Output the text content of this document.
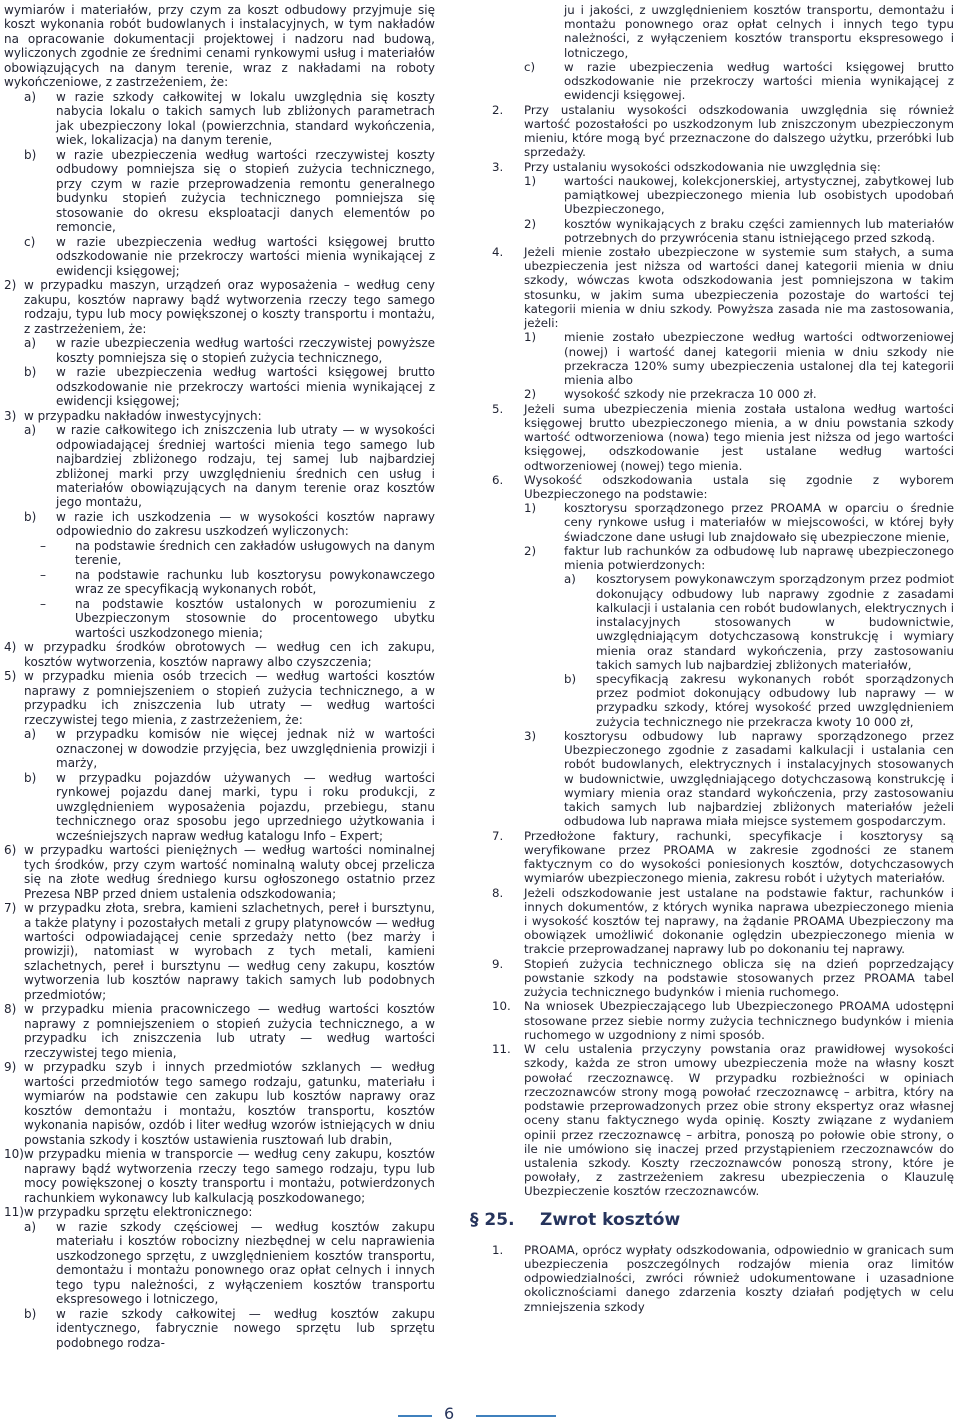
wymiarów i materiałów, przy czym za koszt odbudowy przyjmuje się koszt wykonania robót budowlanych i instalacyjnych, w tym nakładów na opracowanie dokumentacji projektowej i nadzoru nad budową, wyliczonych zgodnie ze średnimi cenami rynkowymi usług i materiałów obowiązujących na danym terenie, wraz z nakładami na roboty wykończeniowe, z zastrzeżeniem, że:
a) w razie szkody całkowitej w lokalu uwzględnia się koszty nabycia lokalu o takich samych lub zbliżonych parametrach jak ubezpieczony lokal (powierzchnia, standard wykończenia, wiek, lokalizacja) na danym terenie,
b) w razie ubezpieczenia według wartości rzeczywistej koszty odbudowy pomniejsza się o stopień zużycia technicznego, przy czym w razie przeprowadzenia remontu generalnego budynku stopień zużycia technicznego pomniejsza się stosowanie do okresu eksploatacji danych elementów po remoncie,
c) w razie ubezpieczenia według wartości księgowej brutto odszkodowanie nie przekroczy wartości mienia wynikającej z ewidencji księgowej;
2) w przypadku maszyn, urządzeń oraz wyposażenia – według ceny zakupu, kosztów naprawy bądź wytworzenia rzeczy tego samego rodzaju, typu lub mocy powiększonej o koszty transportu i montażu, z zastrzeżeniem, że:
a) w razie ubezpieczenia według wartości rzeczywistej powyższe koszty pomniejsza się o stopień zużycia technicznego,
b) w razie ubezpieczenia według wartości księgowej brutto odszkodowanie nie przekroczy wartości mienia wynikającej z ewidencji księgowej;
3) w przypadku nakładów inwestycyjnych:
a) w razie całkowitego ich zniszczenia lub utraty — w wysokości odpowiadającej średniej wartości mienia tego samego lub najbardziej zbliżonego rodzaju, tej samej lub najbardziej zbliżonej marki przy uwzględnieniu średnich cen usług i materiałów obowiązujących na danym terenie oraz kosztów jego montażu,
b) w razie ich uszkodzenia — w wysokości kosztów naprawy odpowiednio do zakresu uszkodzeń wyliczonych:
– na podstawie średnich cen zakładów usługowych na danym terenie,
– na podstawie rachunku lub kosztorysu powykonawczego wraz ze specyfikacją wykonanych robót,
– na podstawie kosztów ustalonych w porozumieniu z Ubezpieczonym stosownie do procentowego ubytku wartości uszkodzonego mienia;
4) w przypadku środków obrotowych — według cen ich zakupu, kosztów wytworzenia, kosztów naprawy albo czyszczenia;
5) w przypadku mienia osób trzecich — według wartości kosztów naprawy z pomniejszeniem o stopień zużycia technicznego, a w przypadku ich zniszczenia lub utraty — według wartości rzeczywistej tego mienia, z zastrzeżeniem, że:
a) w przypadku komisów nie więcej jednak niż w wartości oznaczonej w dowodzie przyjęcia, bez uwzględnienia prowizji i marży,
b) w przypadku pojazdów używanych — według wartości rynkowej pojazdu danej marki, typu i roku produkcji, z uwzględnieniem wyposażenia pojazdu, przebiegu, stanu technicznego oraz sposobu jego uprzedniego użytkowania i wcześniejszych napraw według katalogu Info – Expert;
6) w przypadku wartości pieniężnych — według wartości nominalnej tych środków, przy czym wartość nominalną waluty obcej przelicza się na złote według średniego kursu ogłoszonego ostatnio przez Prezesa NBP przed dniem ustalenia odszkodowania;
7) w przypadku złota, srebra, kamieni szlachetnych, pereł i bursztynu, a także platyny i pozostałych metali z grupy platynowców — według wartości odpowiadającej cenie sprzedaży netto (bez marży i prowizji), natomiast w wyrobach z tych metali, kamieni szlachetnych, pereł i bursztynu — według ceny zakupu, kosztów wytworzenia lub kosztów naprawy takich samych lub podobnych przedmiotów;
8) w przypadku mienia pracowniczego — według wartości kosztów naprawy z pomniejszeniem o stopień zużycia technicznego, a w przypadku ich zniszczenia lub utraty — według wartości rzeczywistej tego mienia,
9) w przypadku szyb i innych przedmiotów szklanych — według wartości przedmiotów tego samego rodzaju, gatunku, materiału i wymiarów na podstawie cen zakupu lub kosztów naprawy oraz kosztów demontażu i montażu, kosztów transportu, kosztów wykonania napisów, ozdób i liter według wzorów istniejących w dniu powstania szkody i kosztów ustawienia rusztowań lub drabin,
10) w przypadku mienia w transporcie — według ceny zakupu, kosztów naprawy bądź wytworzenia rzeczy tego samego rodzaju, typu lub mocy powiększonej o koszty transportu i montażu, potwierdzonych rachunkiem wykonawcy lub kalkulacją poszkodowanego;
11) w przypadku sprzętu elektronicznego:
a) w razie szkody częściowej — według kosztów zakupu materiału i kosztów robocizny niezbędnej w celu naprawienia uszkodzonego sprzętu, z uwzględnieniem kosztów transportu, demontażu i montażu ponownego oraz opłat celnych i innych tego typu należności, z wyłączeniem kosztów transportu ekspresowego i lotniczego,
b) w razie szkody całkowitej — według kosztów zakupu identycznego, fabrycznie nowego sprzętu lub sprzętu podobnego rodza-
ju i jakości, z uwzględnieniem kosztów transportu, demontażu i montażu ponownego oraz opłat celnych i innych tego typu należności, z wyłączeniem kosztów transportu ekspresowego i lotniczego,
c) w razie ubezpieczenia według wartości księgowej brutto odszkodowanie nie przekroczy wartości mienia wynikającej z ewidencji księgowej.
2. Przy ustalaniu wysokości odszkodowania uwzględnia się również wartość pozostałości po uszkodzonym lub zniszczonym ubezpieczonym mieniu, które mogą być przeznaczone do dalszego użytku, przeróbki lub sprzedaży.
3. Przy ustalaniu wysokości odszkodowania nie uwzględnia się:
1) wartości naukowej, kolekcjonerskiej, artystycznej, zabytkowej lub pamiątkowej ubezpieczonego mienia lub osobistych upodobań Ubezpieczonego,
2) kosztów wynikających z braku części zamiennych lub materiałów potrzebnych do przywrócenia stanu istniejącego przed szkodą.
4. Jeżeli mienie zostało ubezpieczone w systemie sum stałych, a suma ubezpieczenia jest niższa od wartości danej kategorii mienia w dniu szkody, wówczas kwota odszkodowania jest pomniejszona w takim stosunku, w jakim suma ubezpieczenia pozostaje do wartości tej kategorii mienia w dniu szkody. Powyższa zasada nie ma zastosowania, jeżeli:
1) mienie zostało ubezpieczone według wartości odtworzeniowej (nowej) i wartość danej kategorii mienia w dniu szkody nie przekracza 120% sumy ubezpieczenia ustalonej dla tej kategorii mienia albo
2) wysokość szkody nie przekracza 10 000 zł.
5. Jeżeli suma ubezpieczenia mienia została ustalona według wartości księgowej brutto ubezpieczonego mienia, a w dniu powstania szkody wartość odtworzeniowa (nowa) tego mienia jest niższa od jego wartości księgowej, odszkodowanie jest ustalane według wartości odtworzeniowej (nowej) tego mienia.
6. Wysokość odszkodowania ustala się zgodnie z wyborem Ubezpieczonego na podstawie:
1) kosztorysu sporządzonego przez PROAMA w oparciu o średnie ceny rynkowe usług i materiałów w miejscowości, w której były świadczone dane usługi lub znajdowało się ubezpieczone mienie,
2) faktur lub rachunków za odbudowę lub naprawę ubezpieczonego mienia potwierdzonych:
a) kosztorysem powykonawczym sporządzonym przez podmiot dokonujący odbudowy lub naprawy zgodnie z zasadami kalkulacji i ustalania cen robót budowlanych, elektrycznych i instalacyjnych stosowanych w budownictwie, uwzględniającym dotychczasową konstrukcję i wymiary mienia oraz standard wykończenia, przy zastosowaniu takich samych lub najbardziej zbliżonych materiałów,
b) specyfikacją zakresu wykonanych robót sporządzonych przez podmiot dokonujący odbudowy lub naprawy — w przypadku szkody, której wysokość przed uwzględnieniem zużycia technicznego nie przekracza kwoty 10 000 zł,
3) kosztorysu odbudowy lub naprawy sporządzonego przez Ubezpieczonego zgodnie z zasadami kalkulacji i ustalania cen robót budowlanych, elektrycznych i instalacyjnych stosowanych w budownictwie, uwzględniającego dotychczasową konstrukcję i wymiary mienia oraz standard wykończenia, przy zastosowaniu takich samych lub najbardziej zbliżonych materiałów jeżeli odbudowa lub naprawa miała miejsce systemem gospodarczym.
7. Przedłożone faktury, rachunki, specyfikacje i kosztorysy są weryfikowane przez PROAMA w zakresie zgodności ze stanem faktycznym co do wysokości poniesionych kosztów, dotychczasowych wymiarów ubezpieczonego mienia, zakresu robót i użytych materiałów.
8. Jeżeli odszkodowanie jest ustalane na podstawie faktur, rachunków i innych dokumentów, z których wynika naprawa ubezpieczonego mienia i wysokość kosztów tej naprawy, na żądanie PROAMA Ubezpieczony ma obowiązek umożliwić dokonanie oględzin ubezpieczonego mienia w trakcie przeprowadzanej naprawy lub po dokonaniu tej naprawy.
9. Stopień zużycia technicznego oblicza się na dzień poprzedzający powstanie szkody na podstawie stosowanych przez PROAMA tabel zużycia technicznego budynków i mienia ruchomego.
10. Na wniosek Ubezpieczającego lub Ubezpieczonego PROAMA udostępni stosowane przez siebie normy zużycia technicznego budynków i mienia ruchomego w uzgodniony z nimi sposób.
11. W celu ustalenia przyczyny powstania oraz prawidłowej wysokości szkody, każda ze stron umowy ubezpieczenia może na własny koszt powołać rzeczoznawcę. W przypadku rozbieżności w opiniach rzeczoznawców strony mogą powołać rzeczoznawcę – arbitra, który na podstawie przeprowadzonych przez obie strony ekspertyz oraz własnej oceny stanu faktycznego wyda opinię. Koszty związane z wydaniem opinii przez rzeczoznawcę – arbitra, ponoszą po połowie obie strony, o ile nie umówiono się inaczej przed przystąpieniem rzeczoznawców do ustalenia szkody. Koszty rzeczoznawców ponoszą strony, które je powołały, z zastrzeżeniem zakresu ubezpieczenia o Klauzulę Ubezpieczenie kosztów rzeczoznawców.
§ 25. Zwrot kosztów
1. PROAMA, oprócz wypłaty odszkodowania, odpowiednio w granicach sum ubezpieczenia poszczególnych rodzajów mienia oraz limitów odpowiedzialności, zwróci również udokumentowane i uzasadnione okolicznościami danego zdarzenia koszty działań podjętych w celu zmniejszenia szkody
6
